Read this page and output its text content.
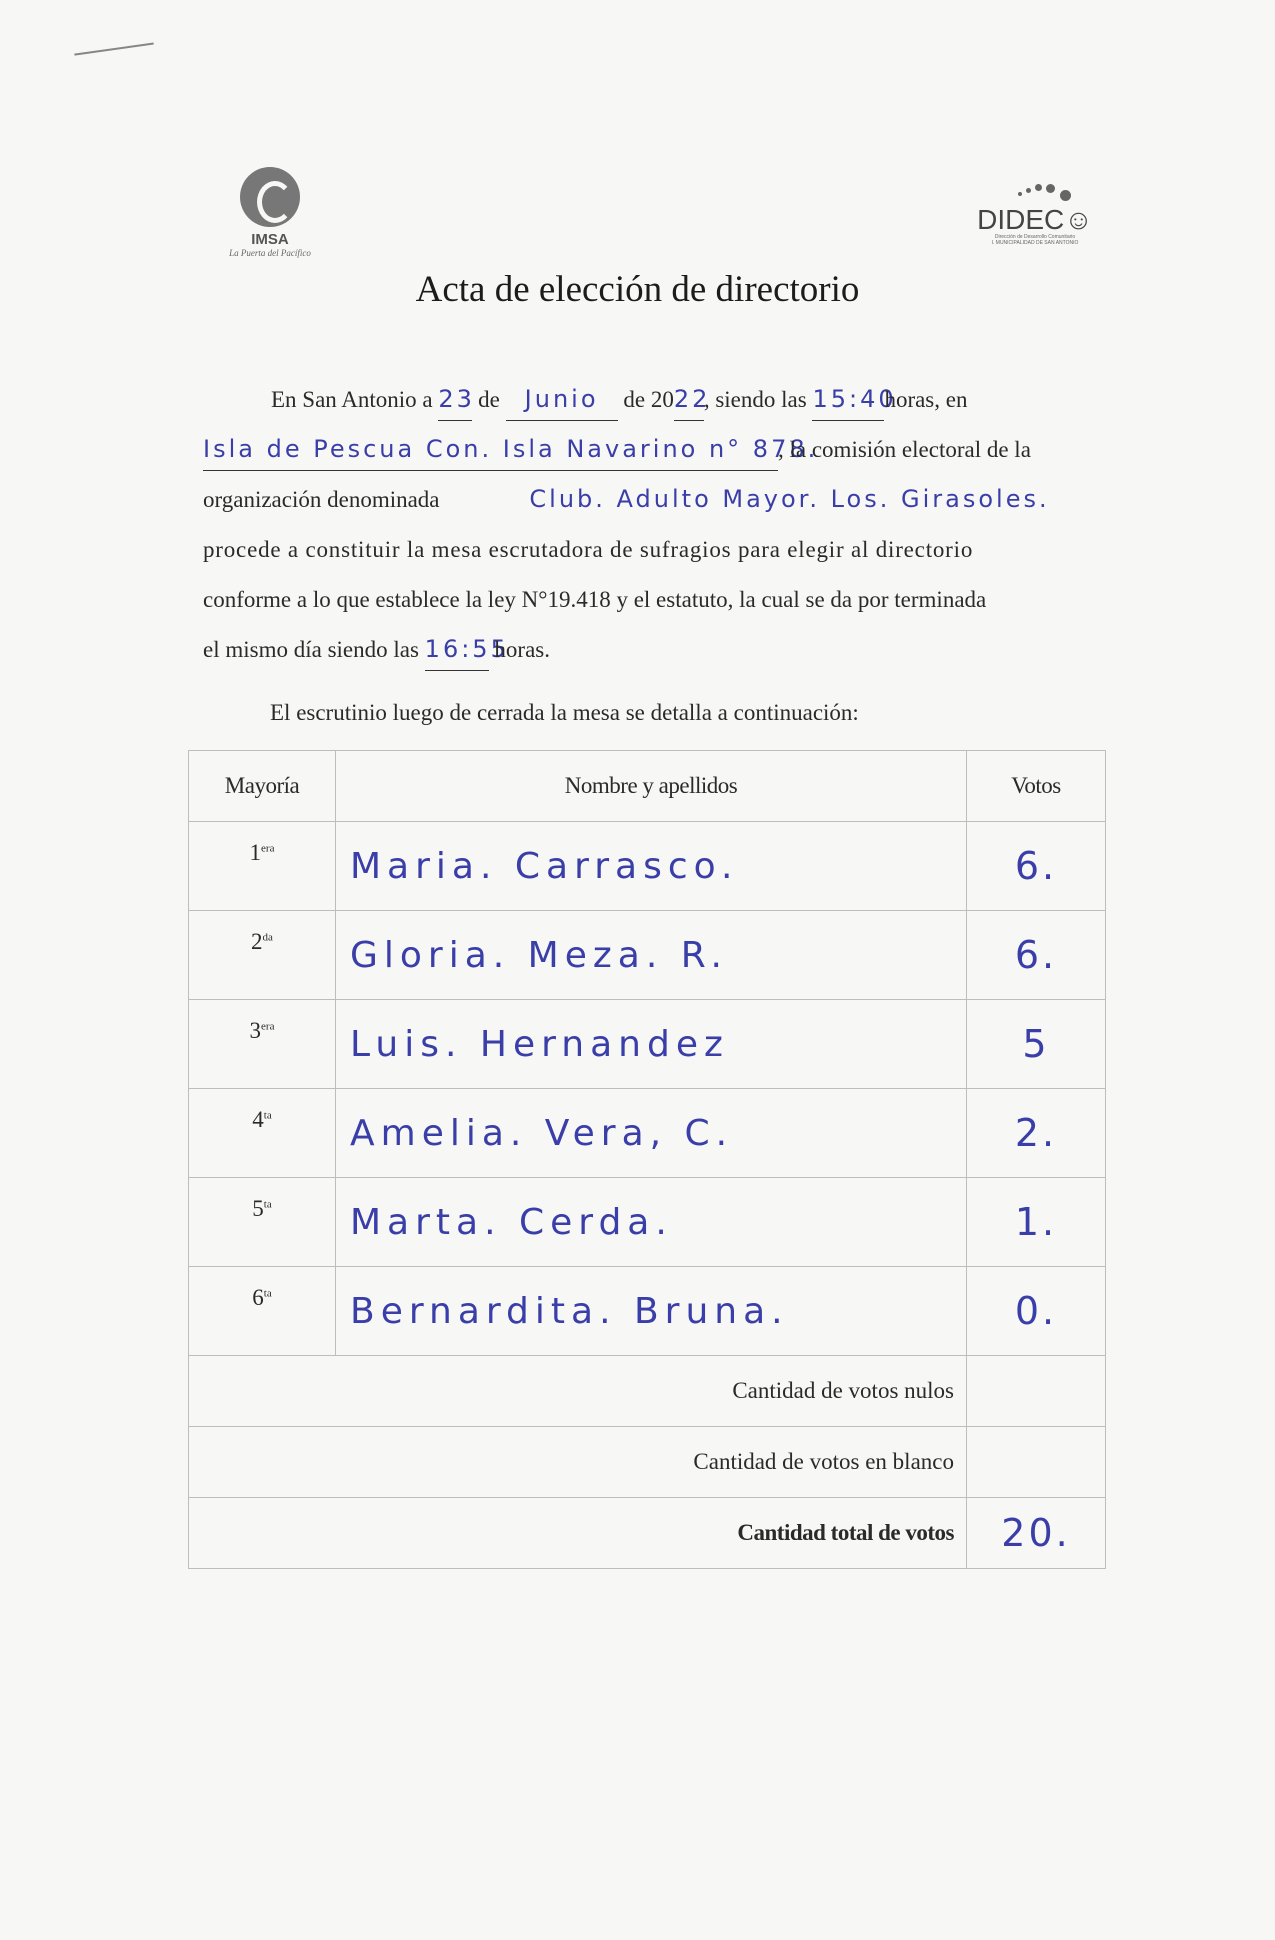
IMSA
La Puerta del Pacífico
DIDEC☺
Dirección de Desarrollo Comunitario
I. MUNICIPALIDAD DE SAN ANTONIO
Acta de elección de directorio
En San Antonio a 23 de Junio de 2022, siendo las 15:40horas, en
Isla de Pescua Con. Isla Navarino n° 878., la comisión electoral de la
organización denominada	Club. Adulto Mayor. Los. Girasoles.
procede a constituir la mesa escrutadora de sufragios para elegir al directorio
conforme a lo que establece la ley N°19.418 y el estatuto, la cual se da por terminada
el mismo día siendo las 16:55 horas.
El escrutinio luego de cerrada la mesa se detalla a continuación:
Mayoría	Nombre y apellidos	Votos
$1^{era}$	Maria. Carrasco.	6.
$2^{da}$	Gloria. Meza. R.	6.
$3^{era}$	Luis. Hernandez	5
$4^{ta}$	Amelia. Vera, C.	2.
$5^{ta}$	Marta. Cerda.	1.
$6^{ta}$	Bernardita. Bruna.	0.
Cantidad de votos nulos		
Cantidad de votos en blanco		
Cantidad total de votos		20.
